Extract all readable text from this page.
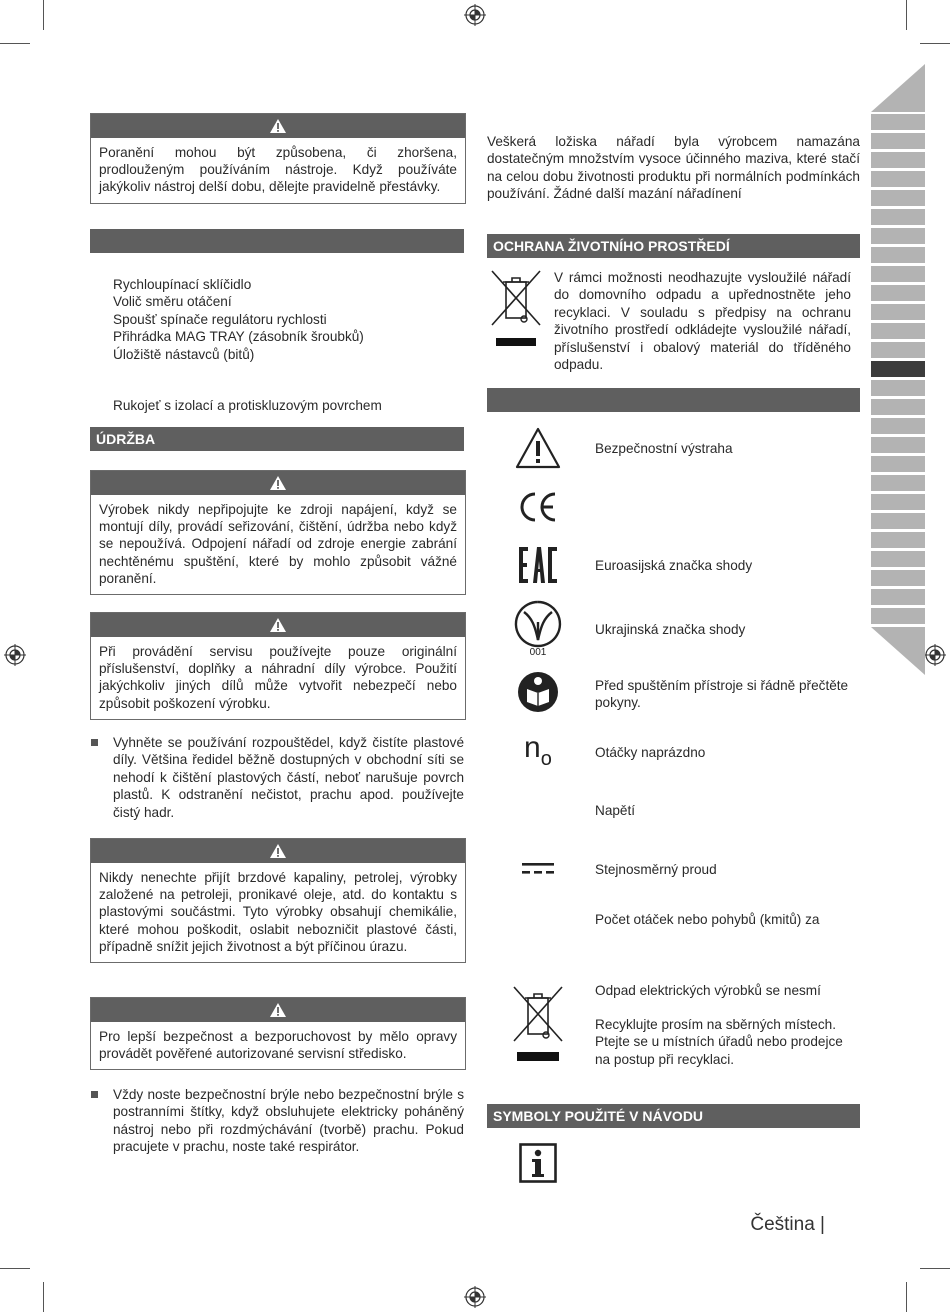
Poranění mohou být způsobena, či zhoršena, prodlouženým používáním nástroje. Když používáte jakýkoliv nástroj delší dobu, dělejte pravidelně přestávky.
Rychloupínací sklíčidlo
Volič směru otáčení
Spoušť spínače regulátoru rychlosti
Přihrádka MAG TRAY (zásobník šroubků)
Úložiště nástavců (bitů)
Rukojeť s izolací a protiskluzovým povrchem
ÚDRŽBA
Výrobek nikdy nepřipojujte ke zdroji napájení, když se montují díly, provádí seřizování, čištění, údržba nebo když se nepoužívá. Odpojení nářadí od zdroje energie zabrání nechtěnému spuštění, které by mohlo způsobit vážné poranění.
Při provádění servisu používejte pouze originální příslušenství, doplňky a náhradní díly výrobce. Použití jakýchkoliv jiných dílů může vytvořit nebezpečí nebo způsobit poškození výrobku.
Vyhněte se používání rozpouštědel, když čistíte plastové díly. Většina ředidel běžně dostupných v obchodní síti se nehodí k čištění plastových částí, neboť narušuje povrch plastů. K odstranění nečistot, prachu apod. používejte čistý hadr.
Nikdy nenechte přijít brzdové kapaliny, petrolej, výrobky založené na petroleji, pronikavé oleje, atd. do kontaktu s plastovými součástmi. Tyto výrobky obsahují chemikálie, které mohou poškodit, oslabit nebozničit plastové části, případně snížit jejich životnost a být příčinou úrazu.
Pro lepší bezpečnost a bezporuchovost by mělo opravy provádět pověřené autorizované servisní středisko.
Vždy noste bezpečnostní brýle nebo bezpečnostní brýle s postranními štítky, když obsluhujete elektricky poháněný nástroj nebo při rozdmýchávání (tvorbě) prachu. Pokud pracujete v prachu, noste také respirátor.
Veškerá ložiska nářadí byla výrobcem namazána dostatečným množstvím vysoce účinného maziva, které stačí na celou dobu životnosti produktu při normálních podmínkách používání. Žádné další mazání nářadínení
OCHRANA ŽIVOTNÍHO PROSTŘEDÍ
V rámci možnosti neodhazujte vysloužilé nářadí do domovního odpadu a upřednostněte jeho recyklaci. V souladu s předpisy na ochranu životního prostředí odkládejte vysloužilé nářadí, příslušenství i obalový materiál do tříděného odpadu.
Bezpečnostní výstraha
Euroasijská značka shody
001
Ukrajinská značka shody
Před spuštěním přístroje si řádně přečtěte pokyny.
$n_o$	Otáčky naprázdno
Napětí
Stejnosměrný proud
Počet otáček nebo pohybů (kmitů) za
Odpad elektrických výrobků se nesmí
Recyklujte prosím na sběrných místech. Ptejte se u místních úřadů nebo prodejce na postup při recyklaci.
SYMBOLY POUŽITÉ V NÁVODU
Čeština |
